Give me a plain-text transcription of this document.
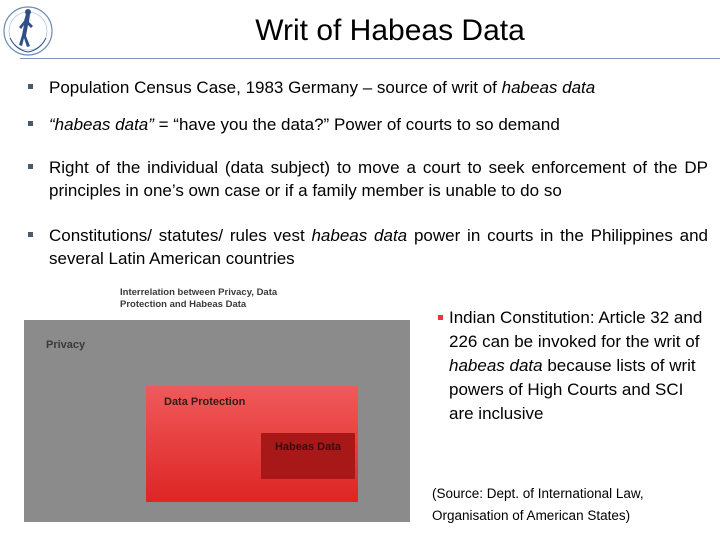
Writ of Habeas Data
Population Census Case, 1983 Germany – source of writ of habeas data
“habeas data” = “have you the data?” Power of courts to so demand
Right of the individual (data subject) to move a court to seek enforcement of the DP principles in one’s own case or if a family member is unable to do so
Constitutions/ statutes/ rules vest habeas data power in courts in the Philippines and several Latin American countries
Interrelation between Privacy, Data Protection and Habeas Data
Privacy
Data Protection
Habeas Data
Indian Constitution: Article 32 and 226 can be invoked for the writ of habeas data because lists of writ powers of High Courts and SCI are inclusive
(Source: Dept. of International Law,
Organisation of American States)
